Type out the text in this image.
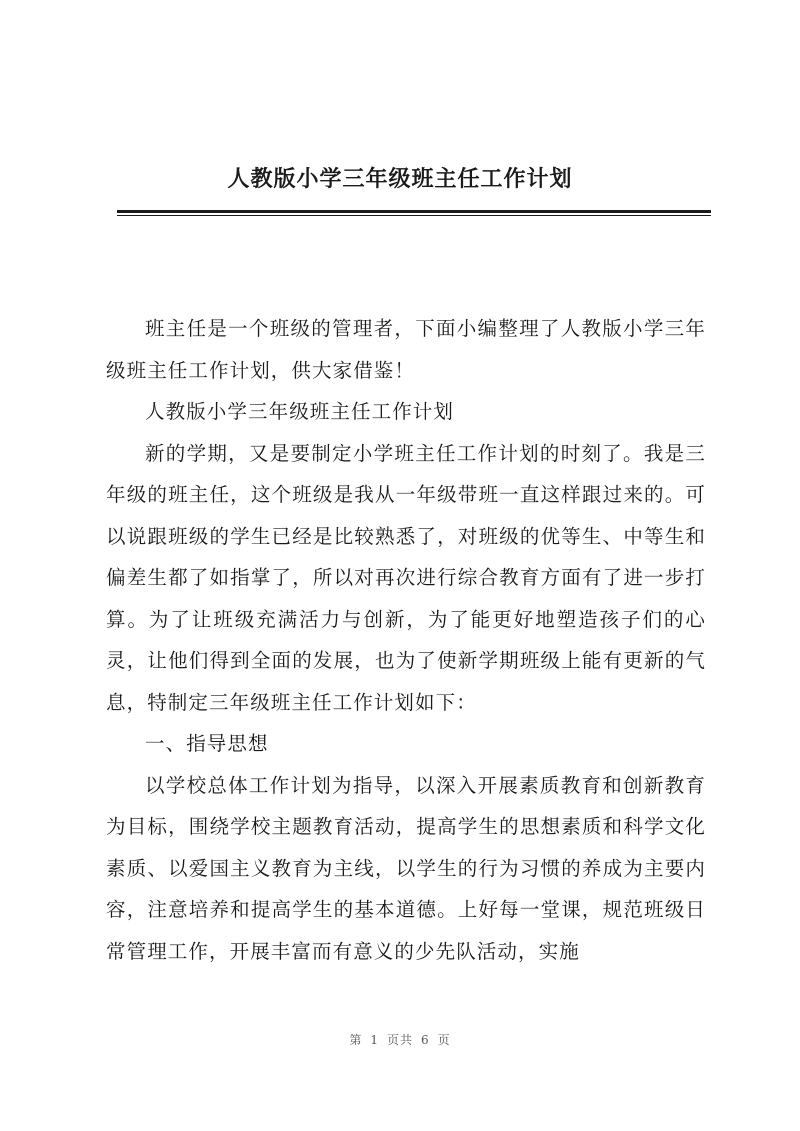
人教版小学三年级班主任工作计划

班主任是一个班级的管理者，下面小编整理了人教版小学三年级班主任工作计划，供大家借鉴！

人教版小学三年级班主任工作计划

新的学期，又是要制定小学班主任工作计划的时刻了。我是三年级的班主任，这个班级是我从一年级带班一直这样跟过来的。可以说跟班级的学生已经是比较熟悉了，对班级的优等生、中等生和偏差生都了如指掌了，所以对再次进行综合教育方面有了进一步打算。为了让班级充满活力与创新，为了能更好地塑造孩子们的心灵，让他们得到全面的发展，也为了使新学期班级上能有更新的气息，特制定三年级班主任工作计划如下：

一、指导思想

以学校总体工作计划为指导，以深入开展素质教育和创新教育为目标，围绕学校主题教育活动，提高学生的思想素质和科学文化素质、以爱国主义教育为主线，以学生的行为习惯的养成为主要内容，注意培养和提高学生的基本道德。上好每一堂课，规范班级日常管理工作，开展丰富而有意义的少先队活动，实施

第 1 页共 6 页
